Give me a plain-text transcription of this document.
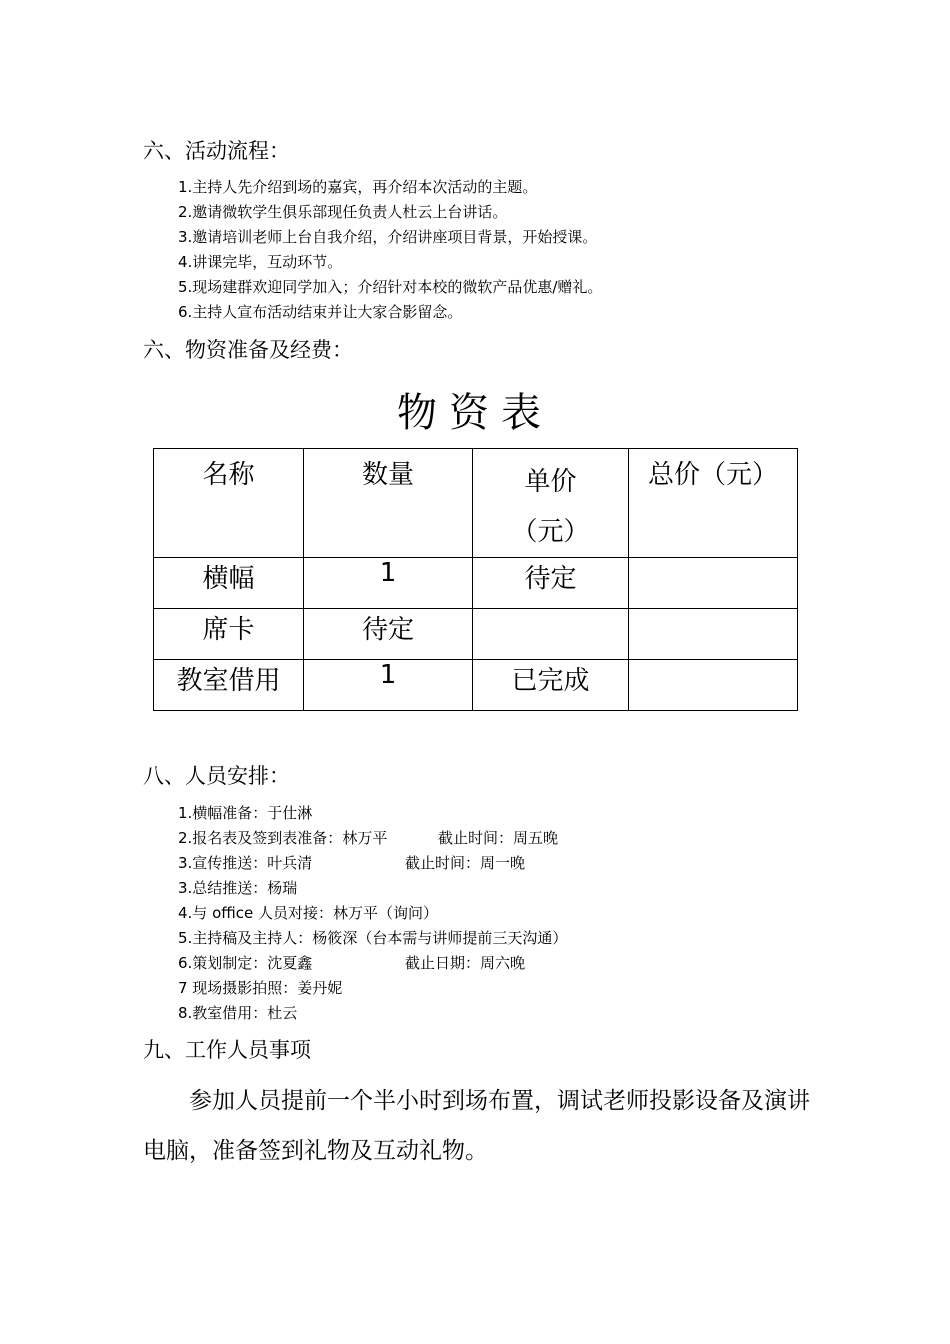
六、活动流程：
1.主持人先介绍到场的嘉宾，再介绍本次活动的主题。
2.邀请微软学生俱乐部现任负责人杜云上台讲话。
3.邀请培训老师上台自我介绍，介绍讲座项目背景，开始授课。
4.讲课完毕，互动环节。
5.现场建群欢迎同学加入；介绍针对本校的微软产品优惠/赠礼。
6.主持人宣布活动结束并让大家合影留念。
六、物资准备及经费：
物资表
名称	数量	单价（元）	总价（元）
横幅	1	待定	
席卡	待定		
教室借用	1	已完成	
八、人员安排：
1.横幅准备：于仕淋
2.报名表及签到表准备：林万平	截止时间：周五晚
3.宣传推送：叶兵清	截止时间：周一晚
3.总结推送：杨瑞
4.与 office 人员对接：林万平（询问）
5.主持稿及主持人：杨筱深（台本需与讲师提前三天沟通）
6.策划制定：沈夏鑫	截止日期：周六晚
7 现场摄影拍照：姜丹妮
8.教室借用：杜云
九、工作人员事项
参加人员提前一个半小时到场布置，调试老师投影设备及演讲
电脑，准备签到礼物及互动礼物。
